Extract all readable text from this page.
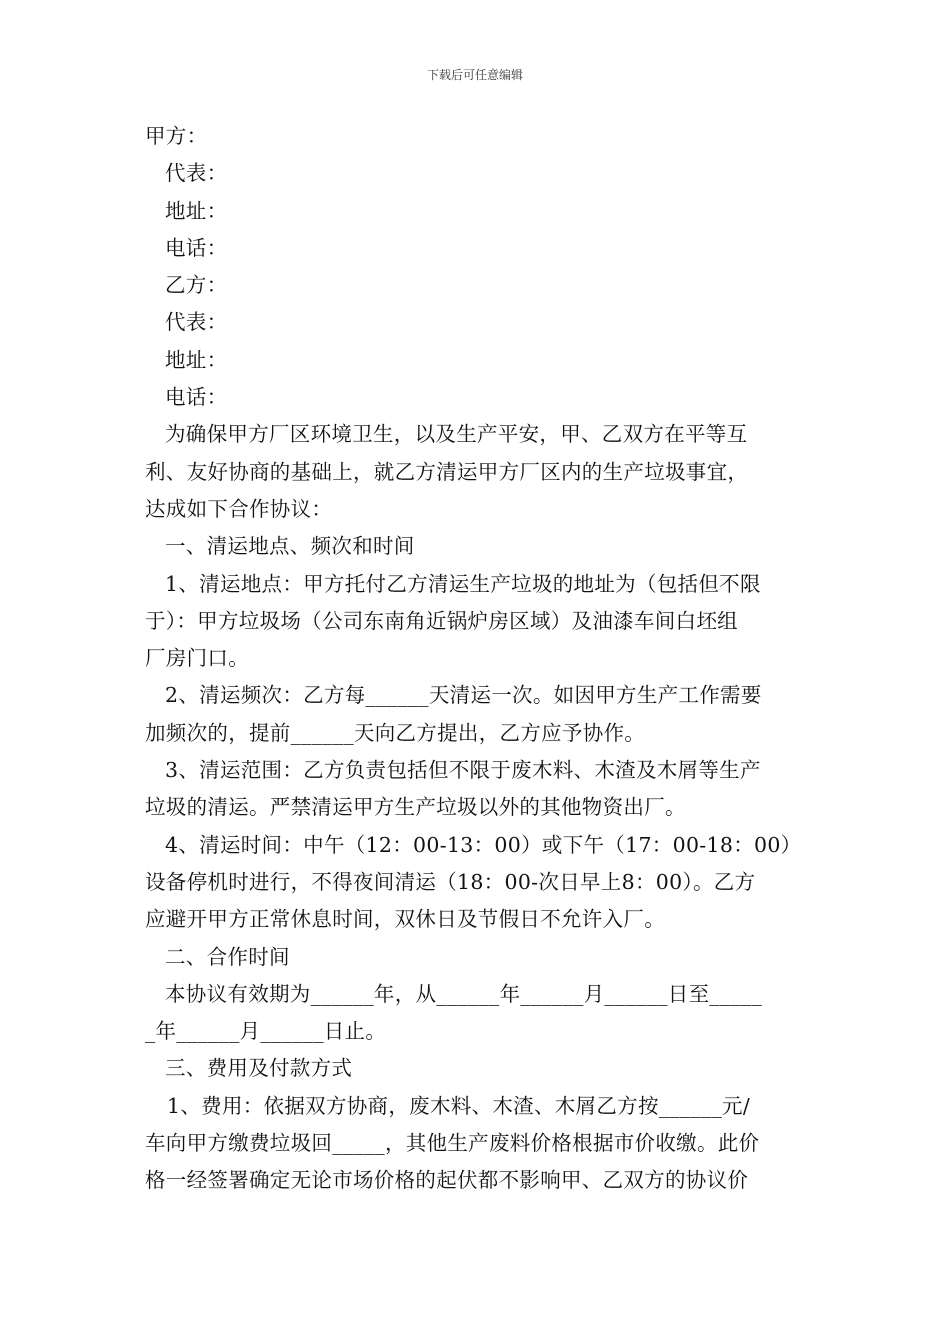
下载后可任意编辑
甲方：
代表：
地址：
电话：
乙方：
代表：
地址：
电话：
为确保甲方厂区环境卫生，以及生产平安，甲、乙双方在平等互
利、友好协商的基础上，就乙方清运甲方厂区内的生产垃圾事宜，
达成如下合作协议：
一、清运地点、频次和时间
1、清运地点：甲方托付乙方清运生产垃圾的地址为（包括但不限
于）：甲方垃圾场（公司东南角近锅炉房区域）及油漆车间白坯组
厂房门口。
2、清运频次：乙方每______天清运一次。如因甲方生产工作需要
加频次的，提前______天向乙方提出，乙方应予协作。
3、清运范围：乙方负责包括但不限于废木料、木渣及木屑等生产
垃圾的清运。严禁清运甲方生产垃圾以外的其他物资出厂。
4、清运时间：中午（12：00-13：00）或下午（17：00-18：00）
设备停机时进行，不得夜间清运（18：00-次日早上8：00）。乙方
应避开甲方正常休息时间，双休日及节假日不允许入厂。
二、合作时间
本协议有效期为______年，从______年______月______日至_____
_年______月______日止。
三、费用及付款方式
1、费用：依据双方协商，废木料、木渣、木屑乙方按______元/
车向甲方缴费垃圾回_____，其他生产废料价格根据市价收缴。此价
格一经签署确定无论市场价格的起伏都不影响甲、乙双方的协议价
